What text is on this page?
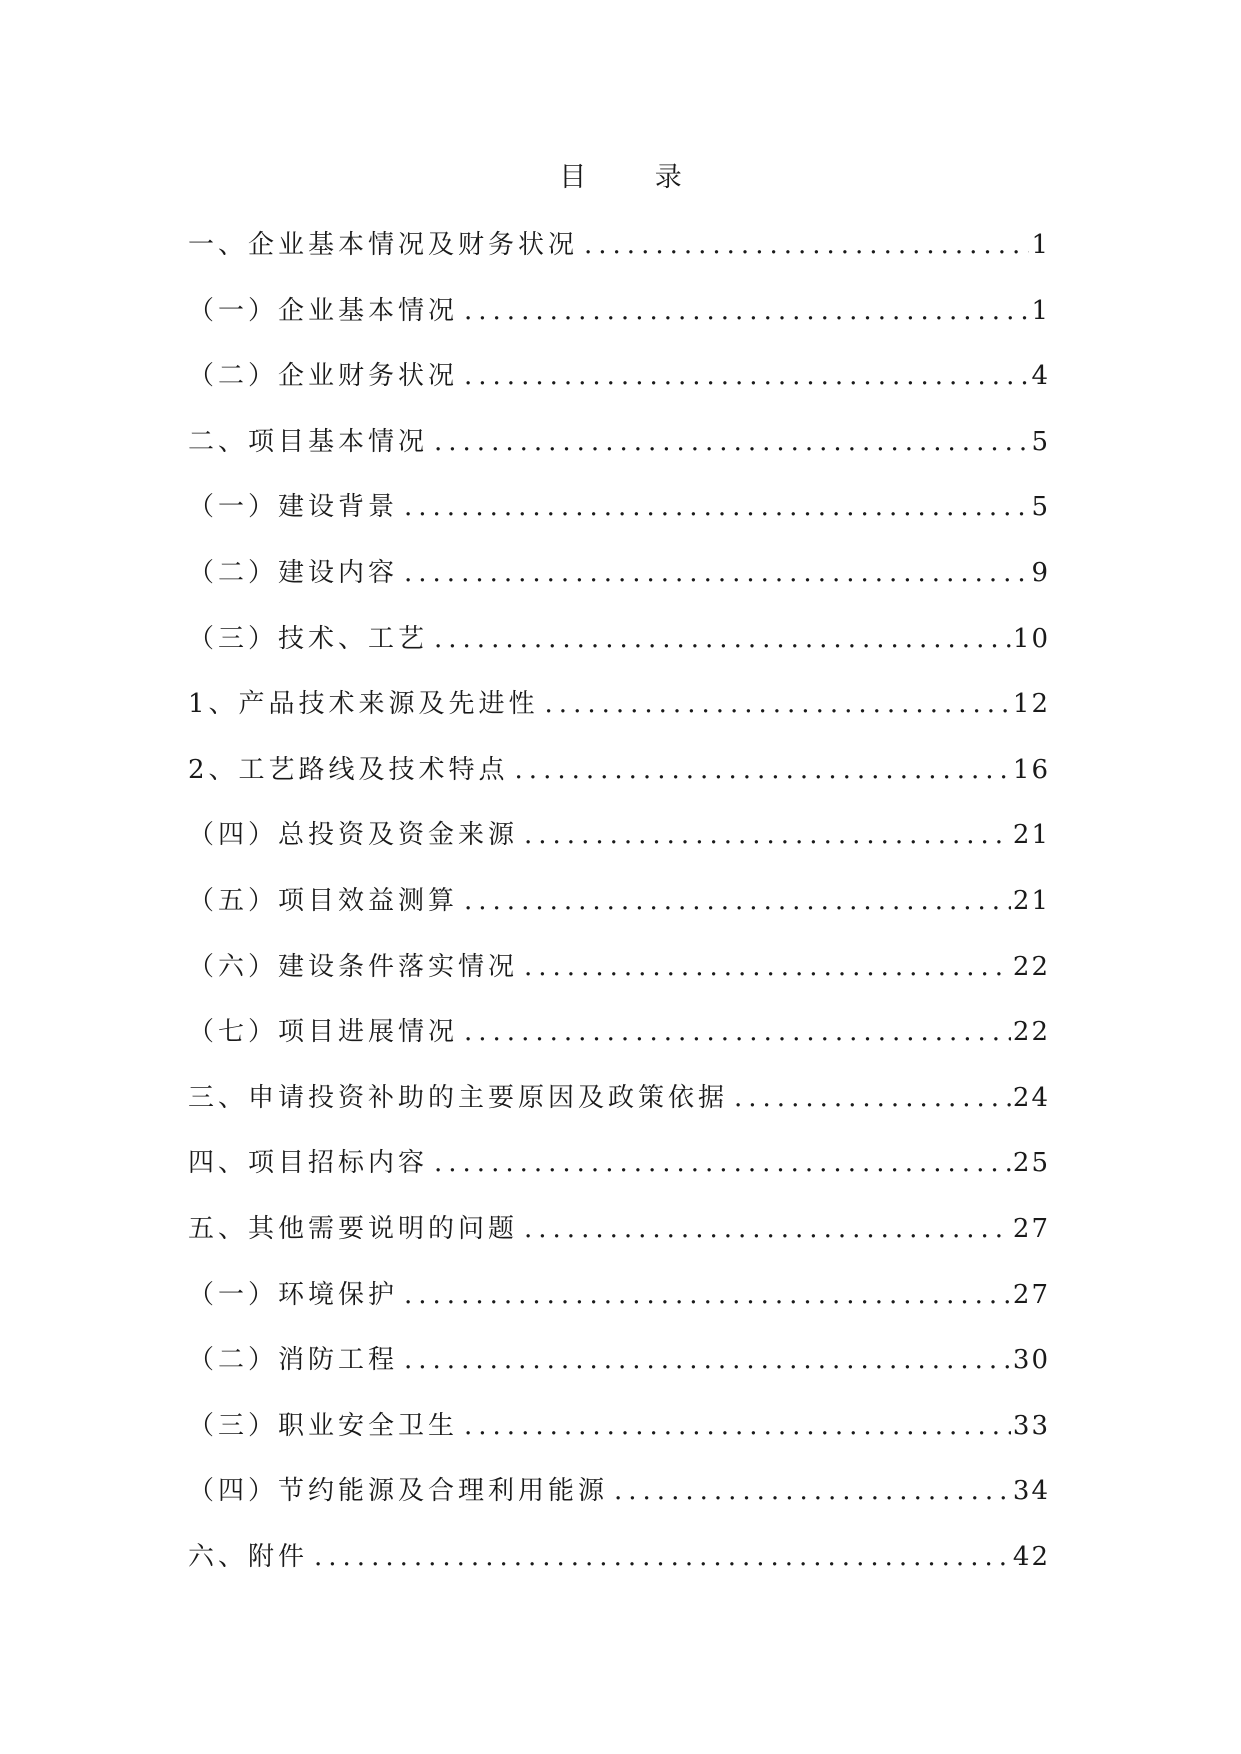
目 录
一、企业基本情况及财务状况 .....	1
（一）企业基本情况 .....	1
（二）企业财务状况 .....	4
二、项目基本情况 .....	5
（一）建设背景 .....	5
（二）建设内容 .....	9
（三）技术、工艺 .....	10
1、产品技术来源及先进性 .....	12
2、工艺路线及技术特点 .....	16
（四）总投资及资金来源 .....	21
（五）项目效益测算 .....	21
（六）建设条件落实情况 .....	22
（七）项目进展情况 .....	22
三、申请投资补助的主要原因及政策依据 .....	24
四、项目招标内容 .....	25
五、其他需要说明的问题 .....	27
（一）环境保护 .....	27
（二）消防工程 .....	30
（三）职业安全卫生 .....	33
（四）节约能源及合理利用能源 .....	34
六、附件 .....	42
